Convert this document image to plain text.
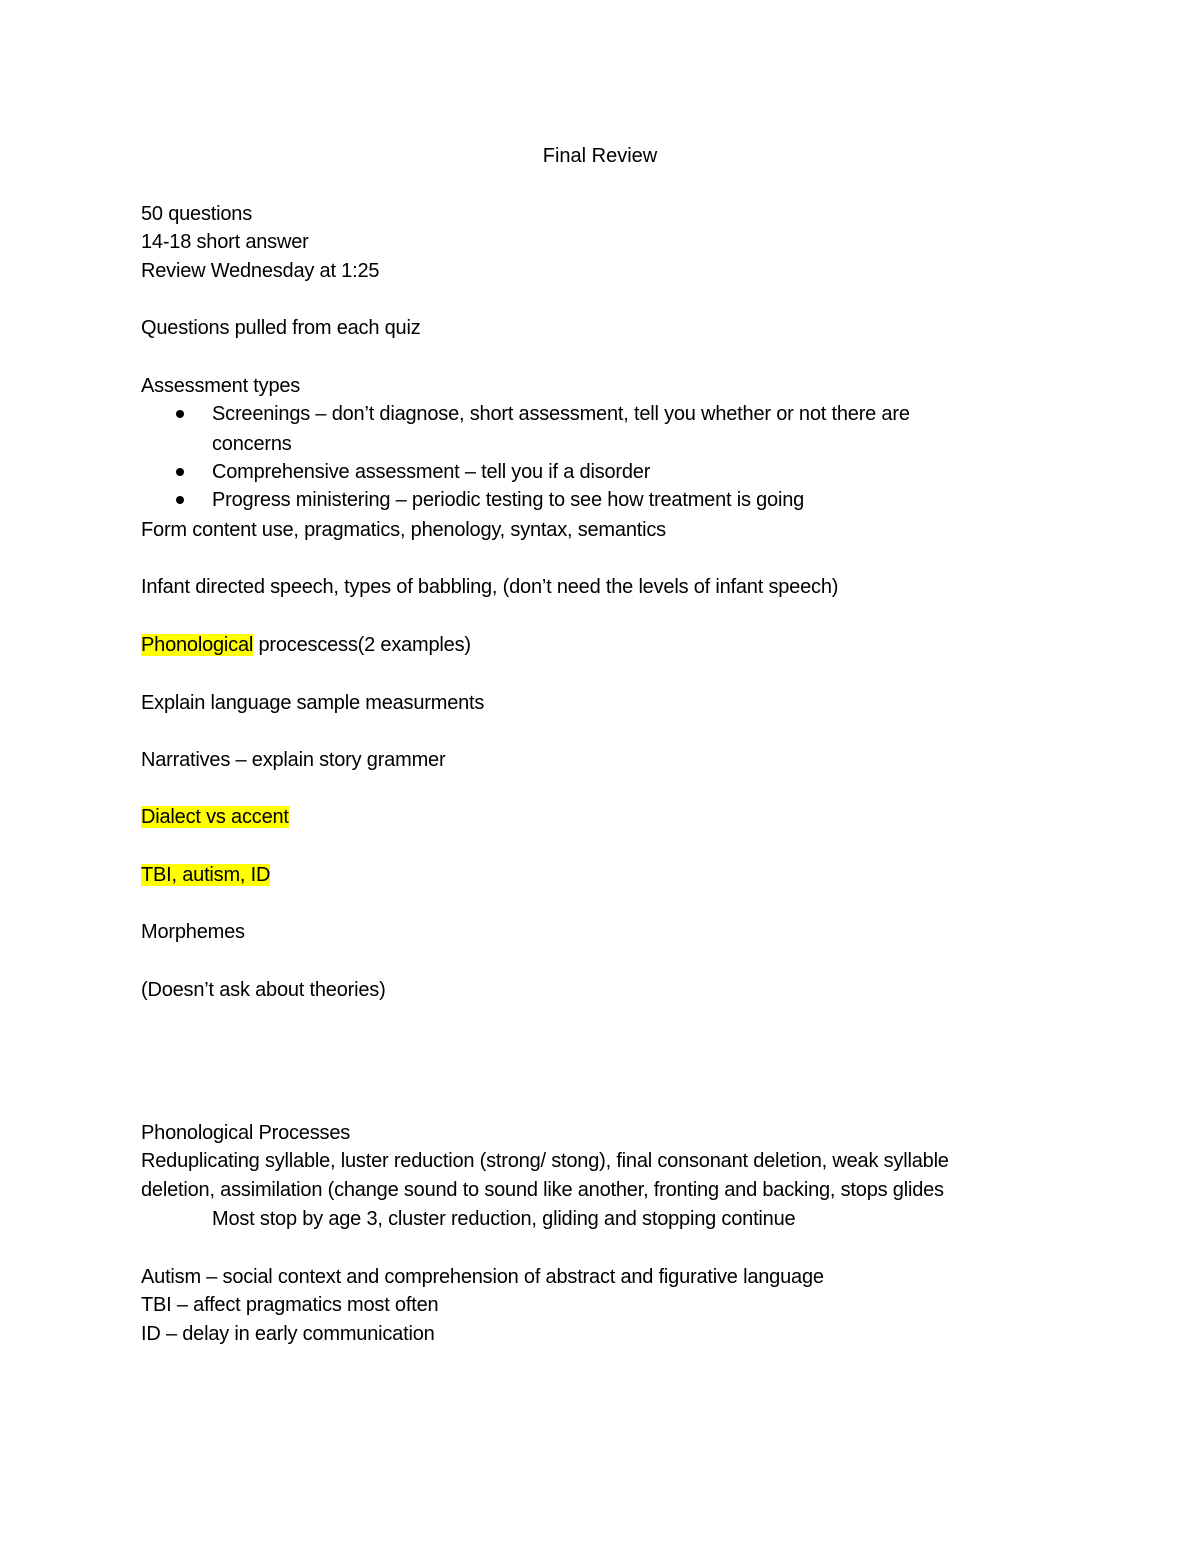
Final Review
50 questions
14-18 short answer
Review Wednesday at 1:25
Questions pulled from each quiz
Assessment types
Screenings – don’t diagnose, short assessment, tell you whether or not there are
concerns
Comprehensive assessment – tell you if a disorder
Progress ministering – periodic testing to see how treatment is going
Form content use, pragmatics, phenology, syntax, semantics
Infant directed speech, types of babbling, (don’t need the levels of infant speech)
Phonological procescess(2 examples)
Explain language sample measurments
Narratives – explain story grammer
Dialect vs accent
TBI, autism, ID
Morphemes
(Doesn’t ask about theories)
Phonological Processes
Reduplicating syllable, luster reduction (strong/ stong), final consonant deletion, weak syllable
deletion, assimilation (change sound to sound like another, fronting and backing, stops glides
Most stop by age 3, cluster reduction, gliding and stopping continue
Autism – social context and comprehension of abstract and figurative language
TBI – affect pragmatics most often
ID – delay in early communication
